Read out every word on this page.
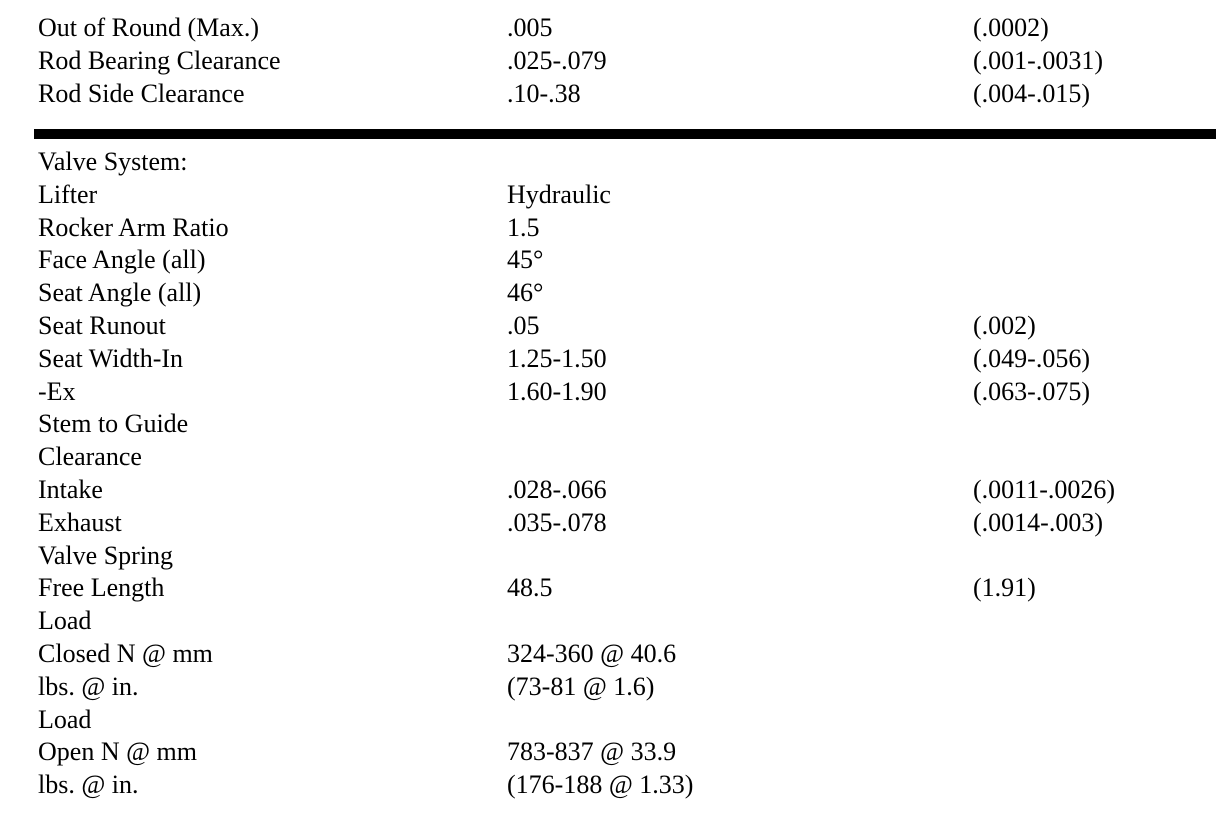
Out of Round (Max.)	.005	(.0002)
Rod Bearing Clearance	.025-.079	(.001-.0031)
Rod Side Clearance	.10-.38	(.004-.015)
Valve System:
Lifter	Hydraulic
Rocker Arm Ratio	1.5
Face Angle (all)	45°
Seat Angle (all)	46°
Seat Runout	.05	(.002)
Seat Width-In	1.25-1.50	(.049-.056)
-Ex	1.60-1.90	(.063-.075)
Stem to Guide
Clearance
Intake	.028-.066	(.0011-.0026)
Exhaust	.035-.078	(.0014-.003)
Valve Spring
Free Length	48.5	(1.91)
Load
Closed N @ mm	324-360 @ 40.6
lbs. @ in.	(73-81 @ 1.6)
Load
Open N @ mm	783-837 @ 33.9
lbs. @ in.	(176-188 @ 1.33)
